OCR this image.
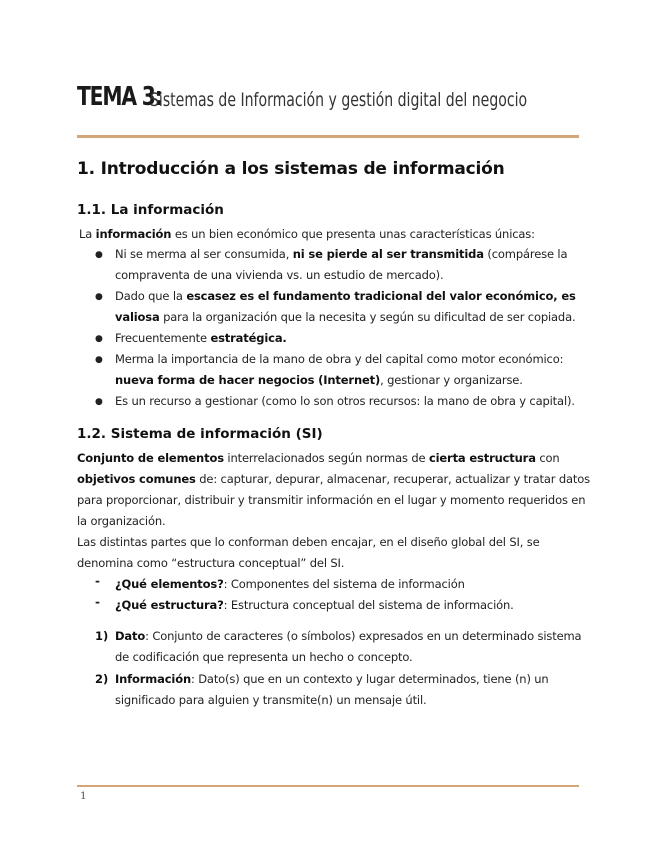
TEMA 3:
Sistemas de Información y gestión digital del negocio
1. Introducción a los sistemas de información
1.1. La información
La información es un bien económico que presenta unas características únicas:
● Ni se merma al ser consumida, ni se pierde al ser transmitida (compárese la
compraventa de una vivienda vs. un estudio de mercado).
● Dado que la escasez es el fundamento tradicional del valor económico, es
valiosa para la organización que la necesita y según su dificultad de ser copiada.
● Frecuentemente estratégica.
● Merma la importancia de la mano de obra y del capital como motor económico:
nueva forma de hacer negocios (Internet), gestionar y organizarse.
● Es un recurso a gestionar (como lo son otros recursos: la mano de obra y capital).
1.2. Sistema de información (SI)
Conjunto de elementos interrelacionados según normas de cierta estructura con
objetivos comunes de: capturar, depurar, almacenar, recuperar, actualizar y tratar datos
para proporcionar, distribuir y transmitir información en el lugar y momento requeridos en
la organización.
Las distintas partes que lo conforman deben encajar, en el diseño global del SI, se
denomina como “estructura conceptual” del SI.
- ¿Qué elementos?: Componentes del sistema de información
- ¿Qué estructura?: Estructura conceptual del sistema de información.
1) Dato: Conjunto de caracteres (o símbolos) expresados en un determinado sistema
de codificación que representa un hecho o concepto.
2) Información: Dato(s) que en un contexto y lugar determinados, tiene (n) un
significado para alguien y transmite(n) un mensaje útil.
1
